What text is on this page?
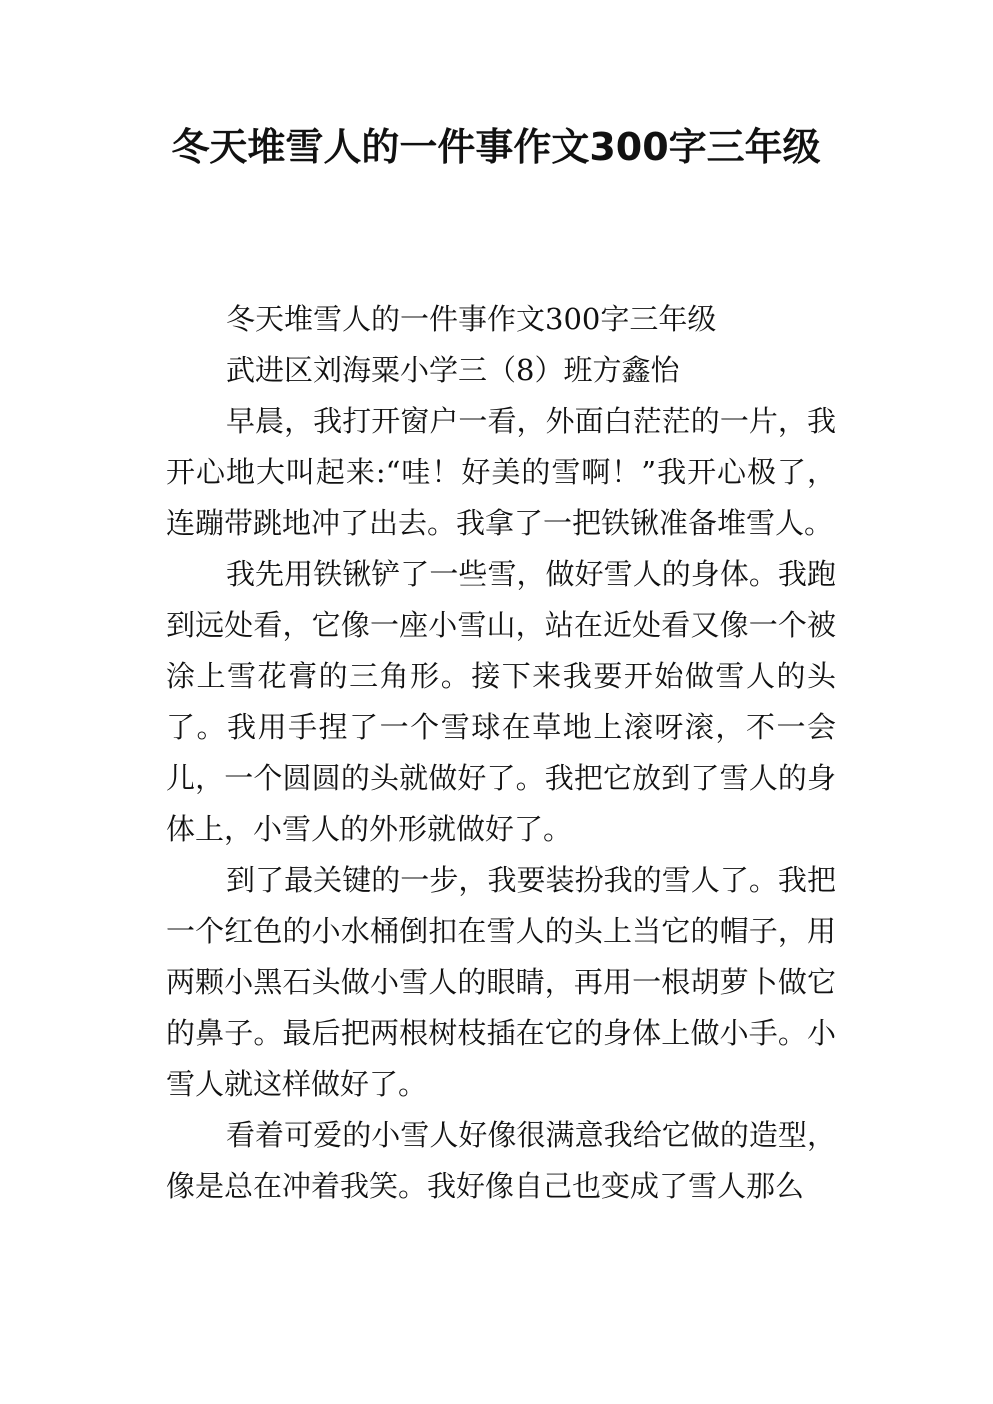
冬天堆雪人的一件事作文300字三年级

冬天堆雪人的一件事作文300字三年级

武进区刘海粟小学三（8）班方鑫怡

早晨，我打开窗户一看，外面白茫茫的一片，我开心地大叫起来:“哇！好美的雪啊！”我开心极了，连蹦带跳地冲了出去。我拿了一把铁锹准备堆雪人。

我先用铁锹铲了一些雪，做好雪人的身体。我跑到远处看，它像一座小雪山，站在近处看又像一个被涂上雪花膏的三角形。接下来我要开始做雪人的头了。我用手捏了一个雪球在草地上滚呀滚，不一会儿，一个圆圆的头就做好了。我把它放到了雪人的身体上，小雪人的外形就做好了。

到了最关键的一步，我要装扮我的雪人了。我把一个红色的小水桶倒扣在雪人的头上当它的帽子，用两颗小黑石头做小雪人的眼睛，再用一根胡萝卜做它的鼻子。最后把两根树枝插在它的身体上做小手。小雪人就这样做好了。

看着可爱的小雪人好像很满意我给它做的造型，像是总在冲着我笑。我好像自己也变成了雪人那么
